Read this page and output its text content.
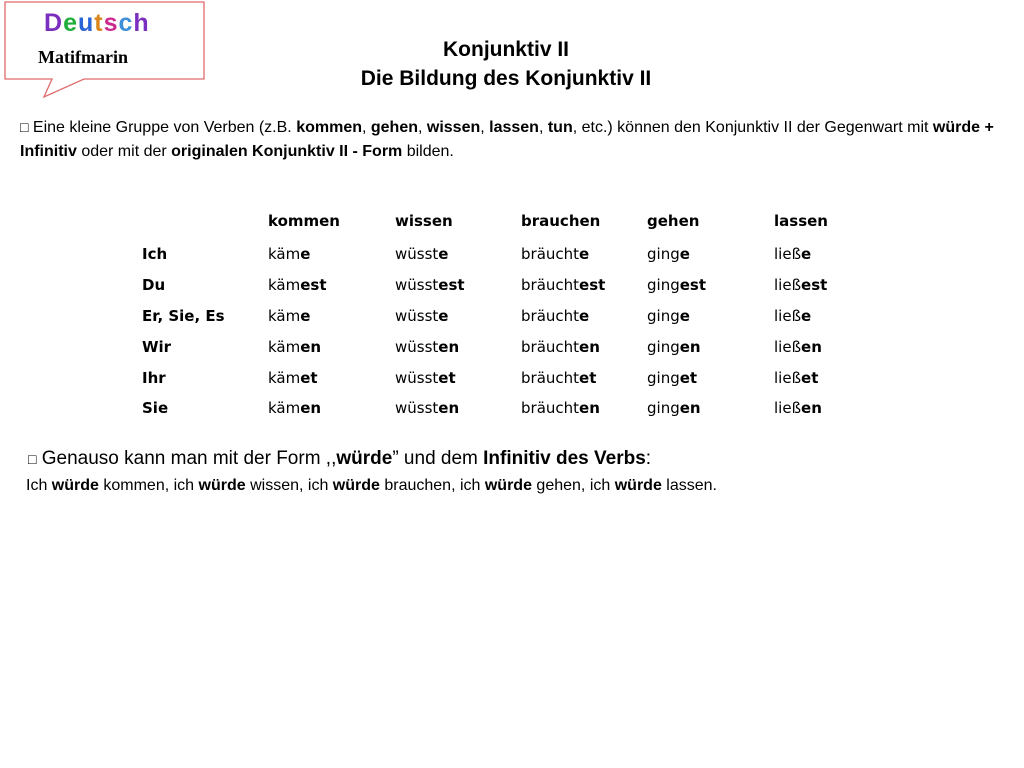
Deutsch
Matifmarin	Konjunktiv II
Die Bildung des Konjunktiv II
□ Eine kleine Gruppe von Verben (z.B. kommen, gehen, wissen, lassen, tun, etc.) können den Konjunktiv II der Gegenwart mit würde + Infinitiv oder mit der originalen Konjunktiv II - Form bilden.
	kommen	wissen	brauchen	gehen	lassen
Ich	käme	wüsste	bräuchte	ginge	ließe
Du	kämest	wüsstest	bräuchtest	gingest	ließest
Er, Sie, Es	käme	wüsste	bräuchte	ginge	ließe
Wir	kämen	wüssten	bräuchten	gingen	ließen
Ihr	kämet	wüsstet	bräuchtet	ginget	ließet
Sie	kämen	wüssten	bräuchten	gingen	ließen
□ Genauso kann man mit der Form ,,würde” und dem Infinitiv des Verbs:
Ich würde kommen, ich würde wissen, ich würde brauchen, ich würde gehen, ich würde lassen.
